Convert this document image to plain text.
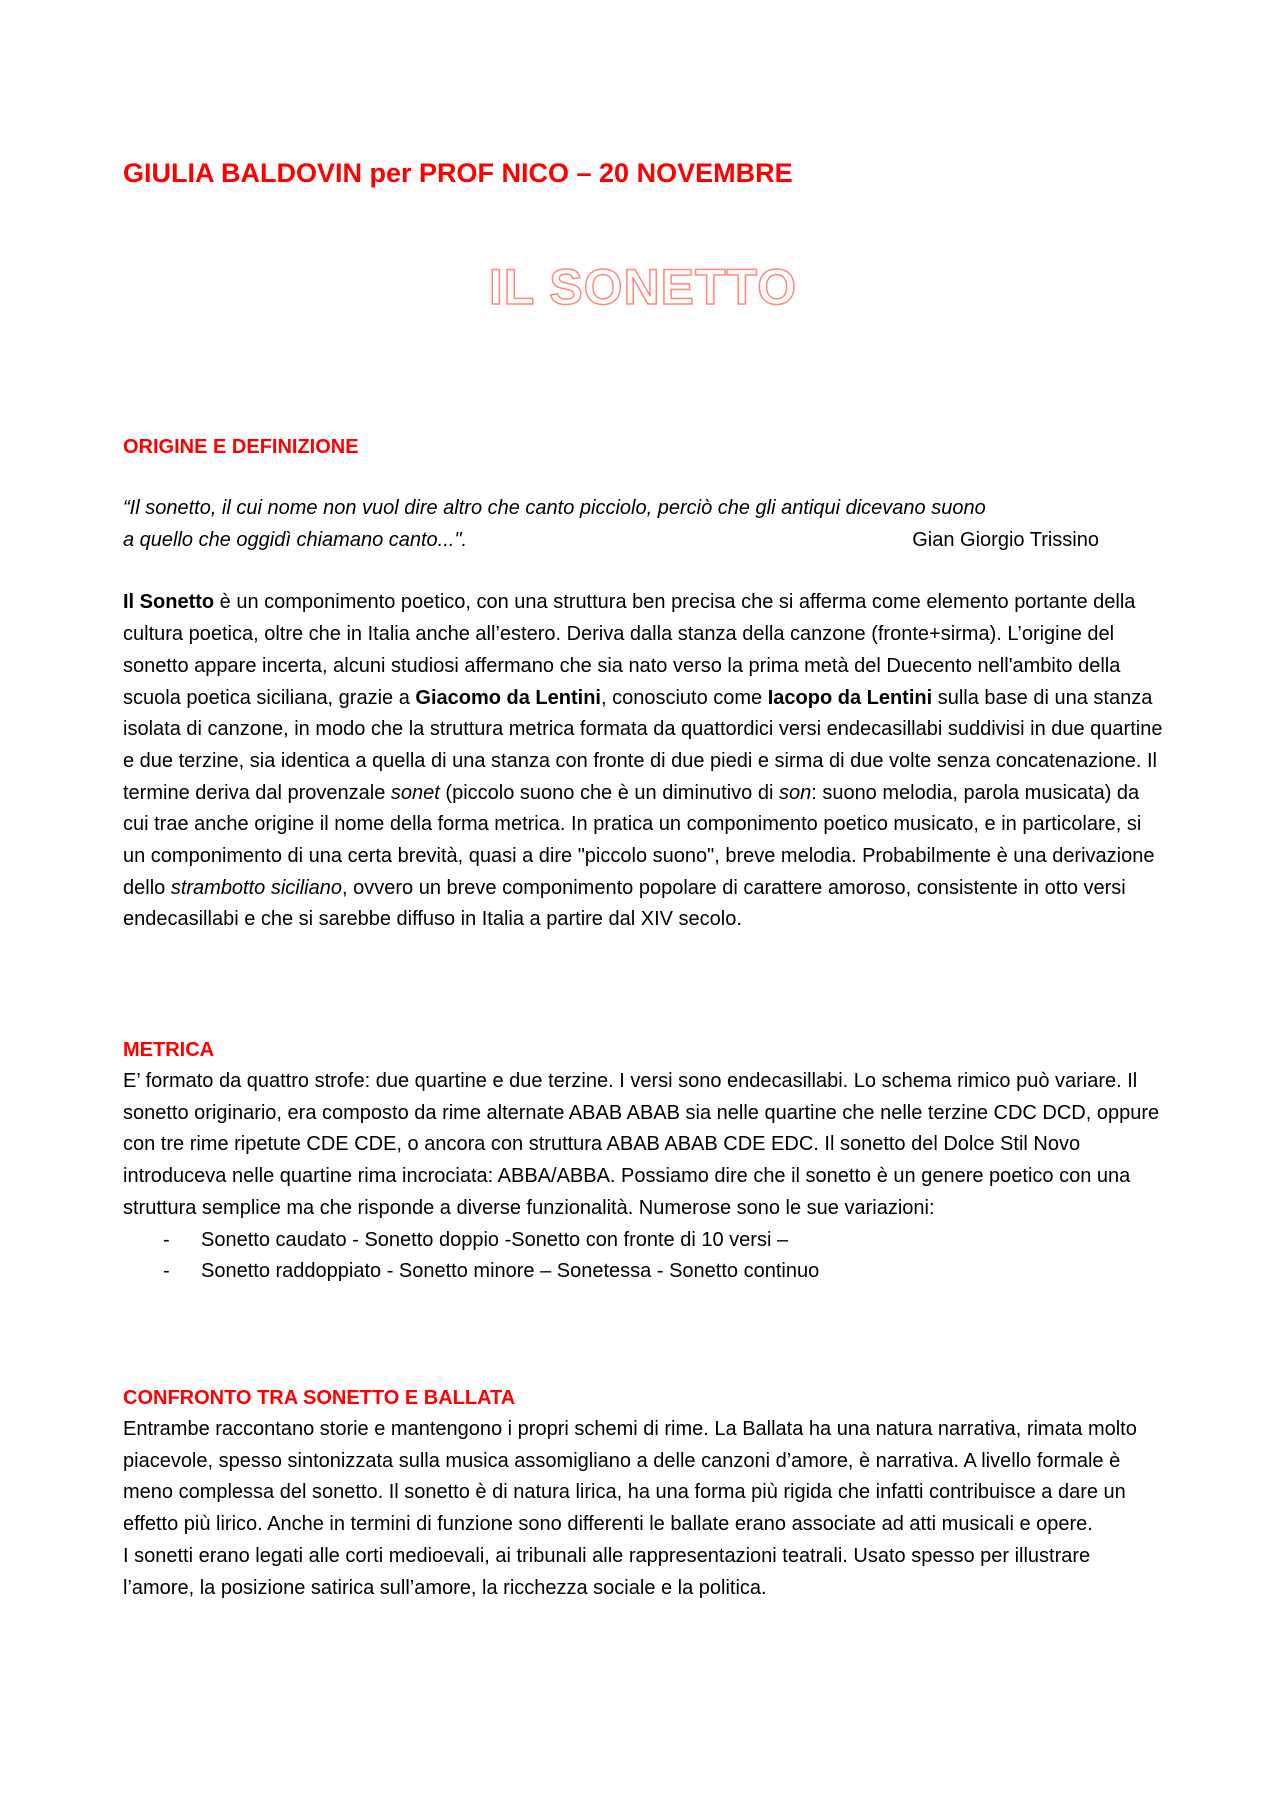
GIULIA BALDOVIN per PROF NICO – 20 NOVEMBRE
IL SONETTO

ORIGINE E DEFINIZIONE

“Il sonetto, il cui nome non vuol dire altro che canto picciolo, perciò che gli antiqui dicevano suono
a quello che oggidì chiamano canto...".	Gian Giorgio Trissino

Il Sonetto è un componimento poetico, con una struttura ben precisa che si afferma come elemento portante della cultura poetica, oltre che in Italia anche all’estero. Deriva dalla stanza della canzone (fronte+sirma). L’origine del sonetto appare incerta, alcuni studiosi affermano che sia nato verso la prima metà del Duecento nell'ambito della scuola poetica siciliana, grazie a Giacomo da Lentini, conosciuto come Iacopo da Lentini sulla base di una stanza isolata di canzone, in modo che la struttura metrica formata da quattordici versi endecasillabi suddivisi in due quartine e due terzine, sia identica a quella di una stanza con fronte di due piedi e sirma di due volte senza concatenazione. Il termine deriva dal provenzale sonet (piccolo suono che è un diminutivo di son: suono melodia, parola musicata) da cui trae anche origine il nome della forma metrica. In pratica un componimento poetico musicato, e in particolare, si un componimento di una certa brevità, quasi a dire "piccolo suono", breve melodia. Probabilmente è una derivazione dello strambotto siciliano, ovvero un breve componimento popolare di carattere amoroso, consistente in otto versi endecasillabi e che si sarebbe diffuso in Italia a partire dal XIV secolo.

METRICA

E’ formato da quattro strofe: due quartine e due terzine. I versi sono endecasillabi. Lo schema rimico può variare. Il sonetto originario, era composto da rime alternate ABAB ABAB sia nelle quartine che nelle terzine CDC DCD, oppure con tre rime ripetute CDE CDE, o ancora con struttura ABAB ABAB CDE EDC. Il sonetto del Dolce Stil Novo introduceva nelle quartine rima incrociata: ABBA/ABBA. Possiamo dire che il sonetto è un genere poetico con una struttura semplice ma che risponde a diverse funzionalità. Numerose sono le sue variazioni:

- Sonetto caudato - Sonetto doppio -Sonetto con fronte di 10 versi –
- Sonetto raddoppiato - Sonetto minore – Sonetessa - Sonetto continuo

CONFRONTO TRA SONETTO E BALLATA

Entrambe raccontano storie e mantengono i propri schemi di rime. La Ballata ha una natura narrativa, rimata molto piacevole, spesso sintonizzata sulla musica assomigliano a delle canzoni d’amore, è narrativa. A livello formale è meno complessa del sonetto. Il sonetto è di natura lirica, ha una forma più rigida che infatti contribuisce a dare un effetto più lirico. Anche in termini di funzione sono differenti le ballate erano associate ad atti musicali e opere.

I sonetti erano legati alle corti medioevali, ai tribunali alle rappresentazioni teatrali. Usato spesso per illustrare l’amore, la posizione satirica sull’amore, la ricchezza sociale e la politica.
